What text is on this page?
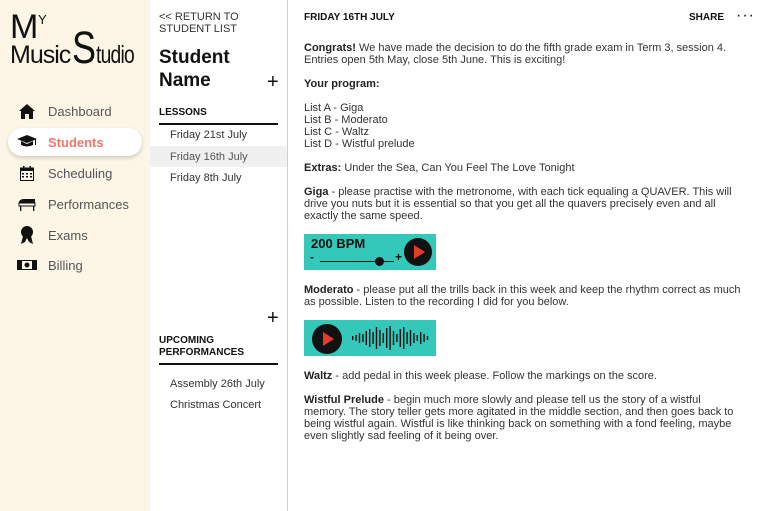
M Y
Music S tudio
Dashboard
Students
Scheduling
Performances
Exams
Billing
<< RETURN TO STUDENT LIST
Student Name	+
LESSONS
Friday 21st July
Friday 16th July
Friday 8th July
+
UPCOMING PERFORMANCES
Assembly 26th July
Christmas Concert
FRIDAY 16TH JULY	SHARE ···

Congrats! We have made the decision to do the fifth grade exam in Term 3, session 4. Entries open 5th May, close 5th June. This is exciting!

Your program:

List A - Giga
List B - Moderato
List C - Waltz
List D - Wistful prelude

Extras: Under the Sea, Can You Feel The Love Tonight

Giga - please practise with the metronome, with each tick equaling a QUAVER. This will drive you nuts but it is essential so that you get all the quavers precisely even and all exactly the same speed.

200 BPM
-	+

Moderato - please put all the trills back in this week and keep the rhythm correct as much as possible. Listen to the recording I did for you below.

Waltz - add pedal in this week please. Follow the markings on the score.

Wistful Prelude - begin much more slowly and please tell us the story of a wistful memory. The story teller gets more agitated in the middle section, and then goes back to being wistful again. Wistful is like thinking back on something with a fond feeling, maybe even slightly sad feeling of it being over.
